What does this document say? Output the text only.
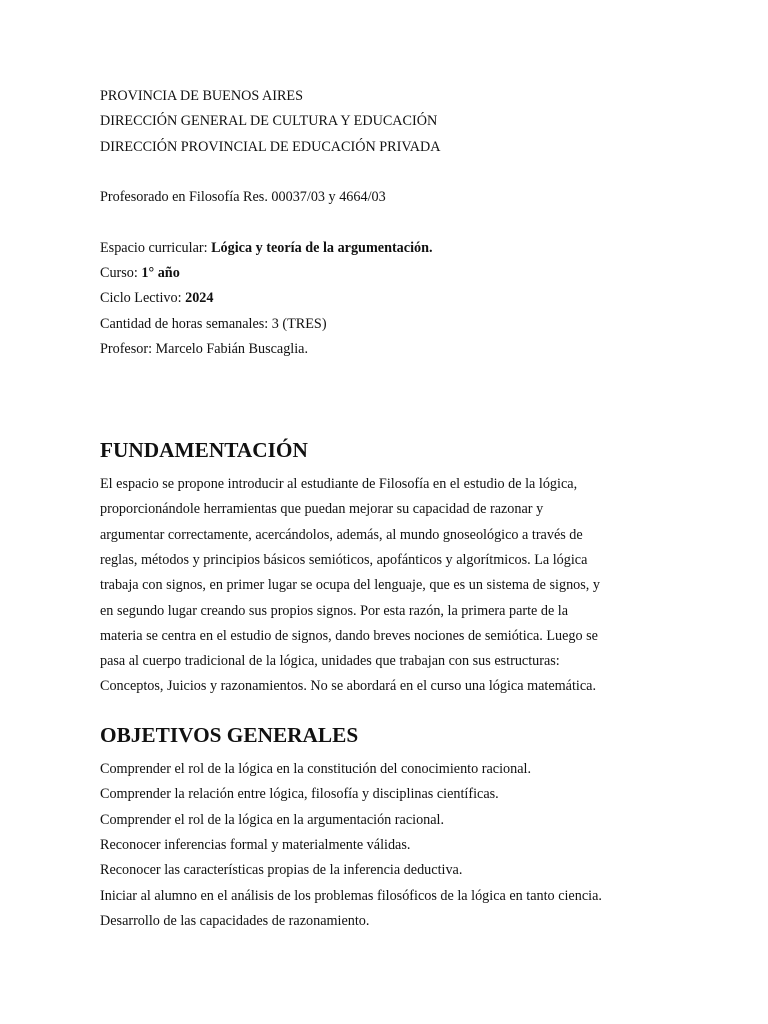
PROVINCIA DE BUENOS AIRES

DIRECCIÓN GENERAL DE CULTURA Y EDUCACIÓN

DIRECCIÓN PROVINCIAL DE EDUCACIÓN PRIVADA

Profesorado en Filosofía Res. 00037/03 y 4664/03

Espacio curricular: Lógica y teoría de la argumentación.

Curso: 1° año

Ciclo Lectivo: 2024

Cantidad de horas semanales: 3 (TRES)

Profesor: Marcelo Fabián Buscaglia.

FUNDAMENTACIÓN

El espacio se propone introducir al estudiante de Filosofía en el estudio de la lógica,

proporcionándole herramientas que puedan mejorar su capacidad de razonar y

argumentar correctamente, acercándolos, además, al mundo gnoseológico a través de

reglas, métodos y principios básicos semióticos, apofánticos y algorítmicos. La lógica

trabaja con signos, en primer lugar se ocupa del lenguaje, que es un sistema de signos, y

en segundo lugar creando sus propios signos. Por esta razón, la primera parte de la

materia se centra en el estudio de signos, dando breves nociones de semiótica. Luego se

pasa al cuerpo tradicional de la lógica, unidades que trabajan con sus estructuras:

Conceptos, Juicios y razonamientos. No se abordará en el curso una lógica matemática.

OBJETIVOS GENERALES

Comprender el rol de la lógica en la constitución del conocimiento racional.

Comprender la relación entre lógica, filosofía y disciplinas científicas.

Comprender el rol de la lógica en la argumentación racional.

Reconocer inferencias formal y materialmente válidas.

Reconocer las características propias de la inferencia deductiva.

Iniciar al alumno en el análisis de los problemas filosóficos de la lógica en tanto ciencia.

Desarrollo de las capacidades de razonamiento.
